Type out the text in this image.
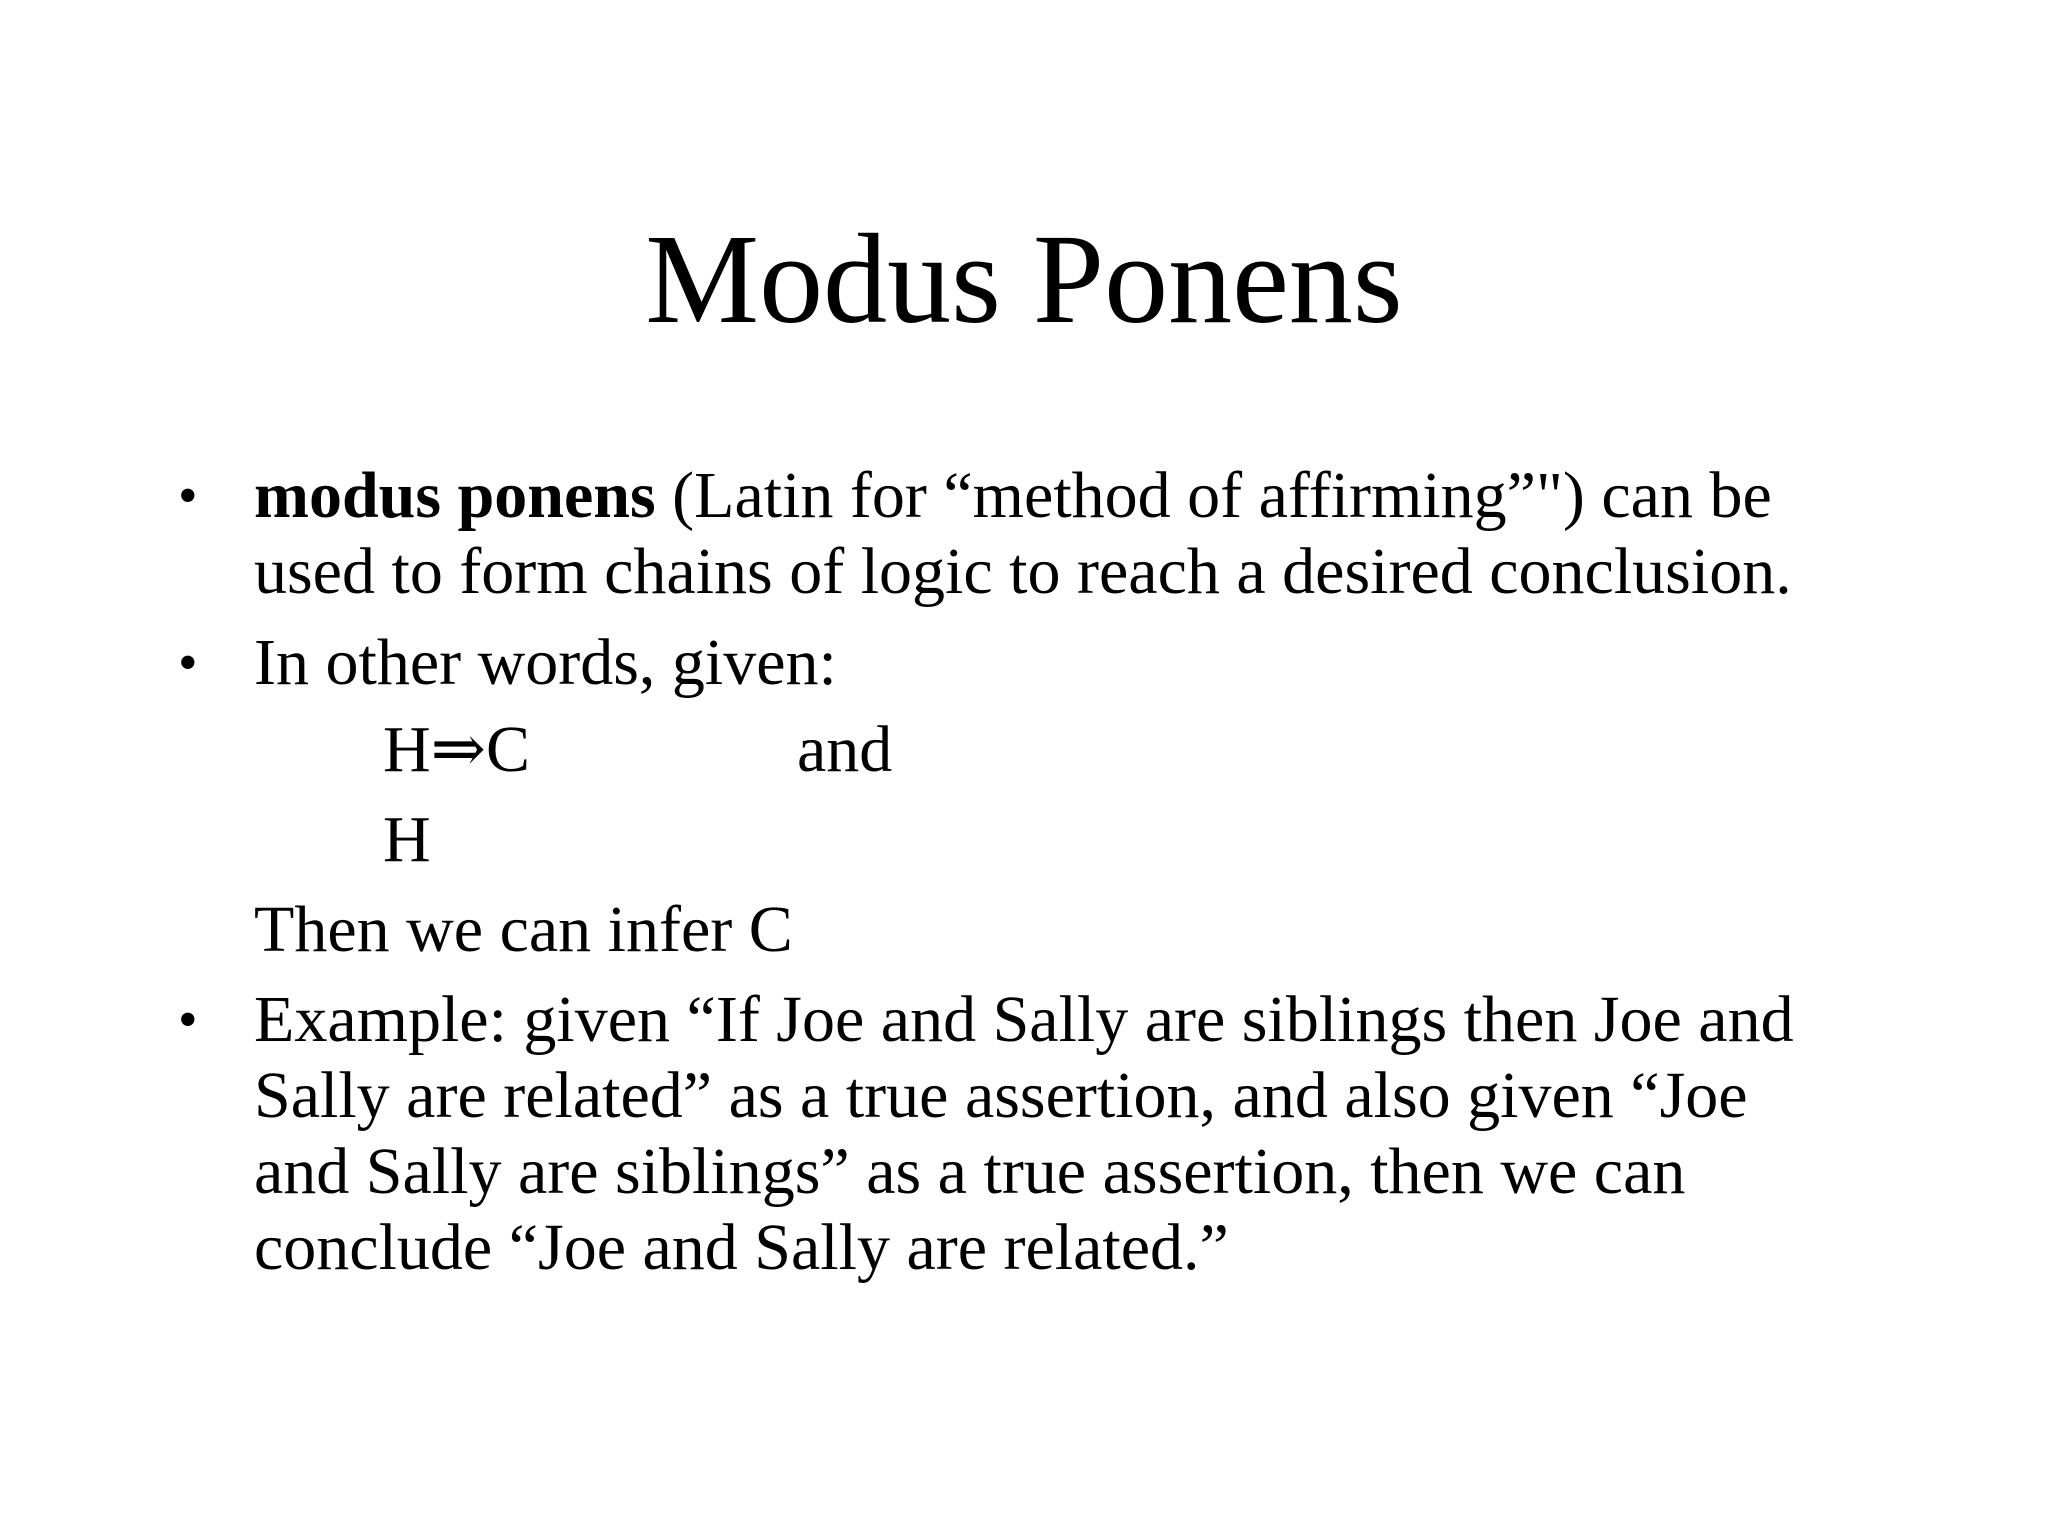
Modus Ponens
• modus ponens (Latin for “method of affirming”") can be
used to form chains of logic to reach a desired conclusion.
• In other words, given:
H⇒C	and
H
Then we can infer C
• Example: given “If Joe and Sally are siblings then Joe and
Sally are related” as a true assertion, and also given “Joe
and Sally are siblings” as a true assertion, then we can
conclude “Joe and Sally are related.”
